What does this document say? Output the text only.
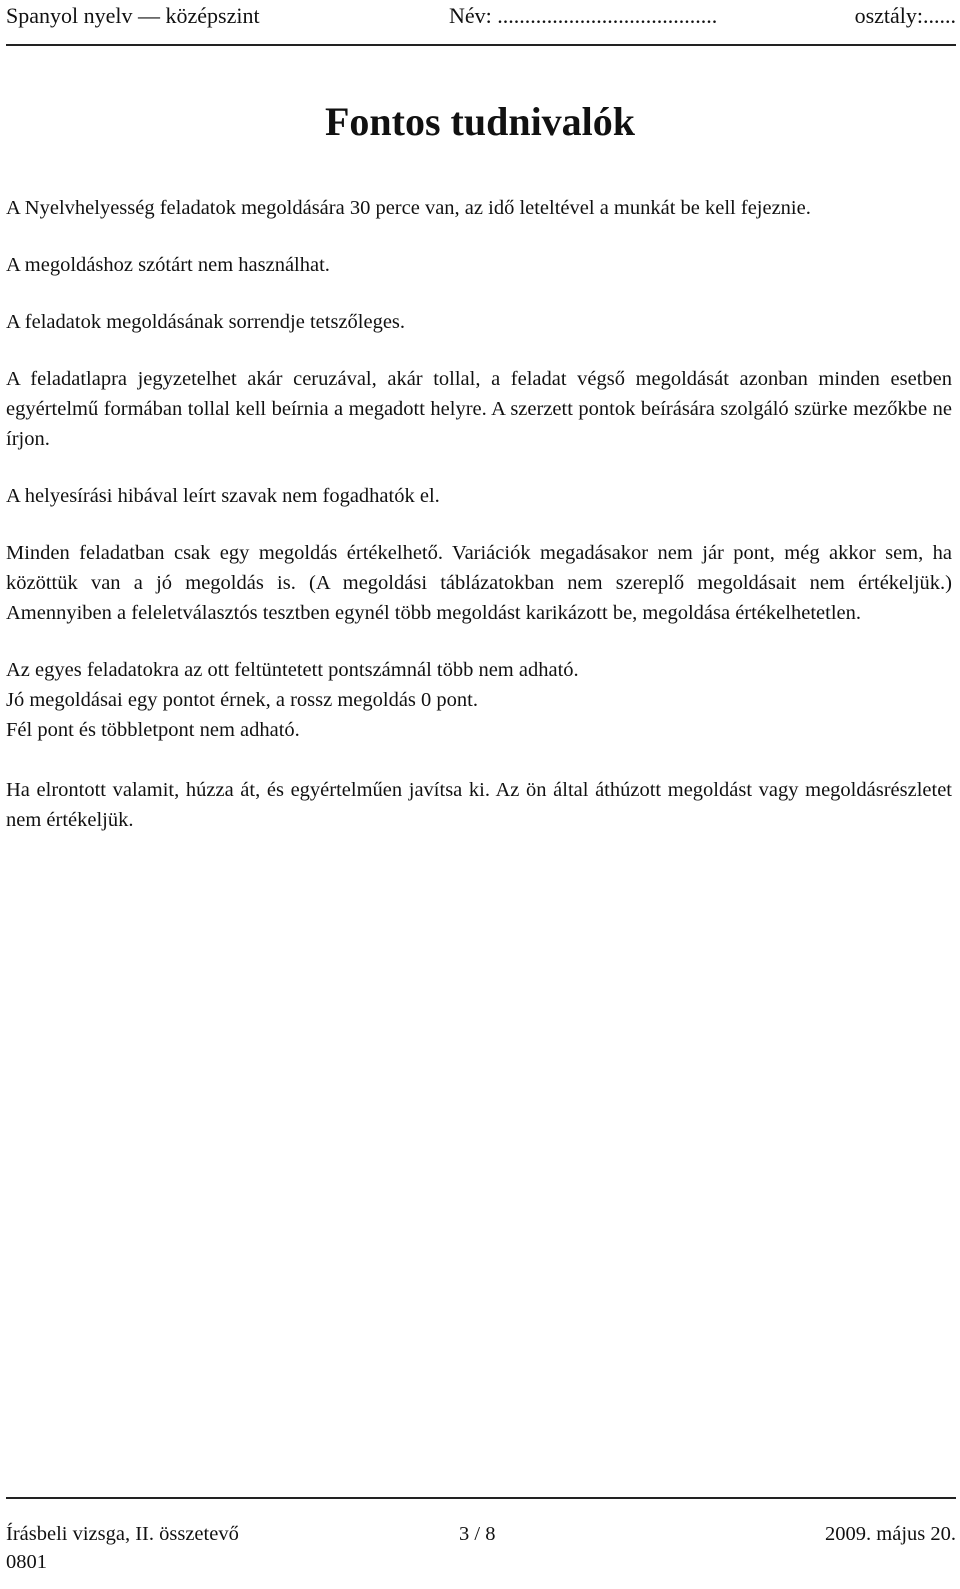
Spanyol nyelv — középszint	Név: ........................................	osztály:......
Fontos tudnivalók

A Nyelvhelyesség feladatok megoldására 30 perce van, az idő leteltével a munkát be kell fejeznie.

A megoldáshoz szótárt nem használhat.

A feladatok megoldásának sorrendje tetszőleges.

A feladatlapra jegyzetelhet akár ceruzával, akár tollal, a feladat végső megoldását azonban minden esetben egyértelmű formában tollal kell beírnia a megadott helyre. A szerzett pontok beírására szolgáló szürke mezőkbe ne írjon.

A helyesírási hibával leírt szavak nem fogadhatók el.

Minden feladatban csak egy megoldás értékelhető. Variációk megadásakor nem jár pont, még akkor sem, ha közöttük van a jó megoldás is. (A megoldási táblázatokban nem szereplő megoldásait nem értékeljük.) Amennyiben a feleletválasztós tesztben egynél több megoldást karikázott be, megoldása értékelhetetlen.

Az egyes feladatokra az ott feltüntetett pontszámnál több nem adható.

Jó megoldásai egy pontot érnek, a rossz megoldás 0 pont.

Fél pont és többletpont nem adható.

Ha elrontott valamit, húzza át, és egyértelműen javítsa ki. Az ön által áthúzott megoldást vagy megoldásrészletet nem értékeljük.

Írásbeli vizsga, II. összetevő	3 / 8	2009. május 20.
0801
